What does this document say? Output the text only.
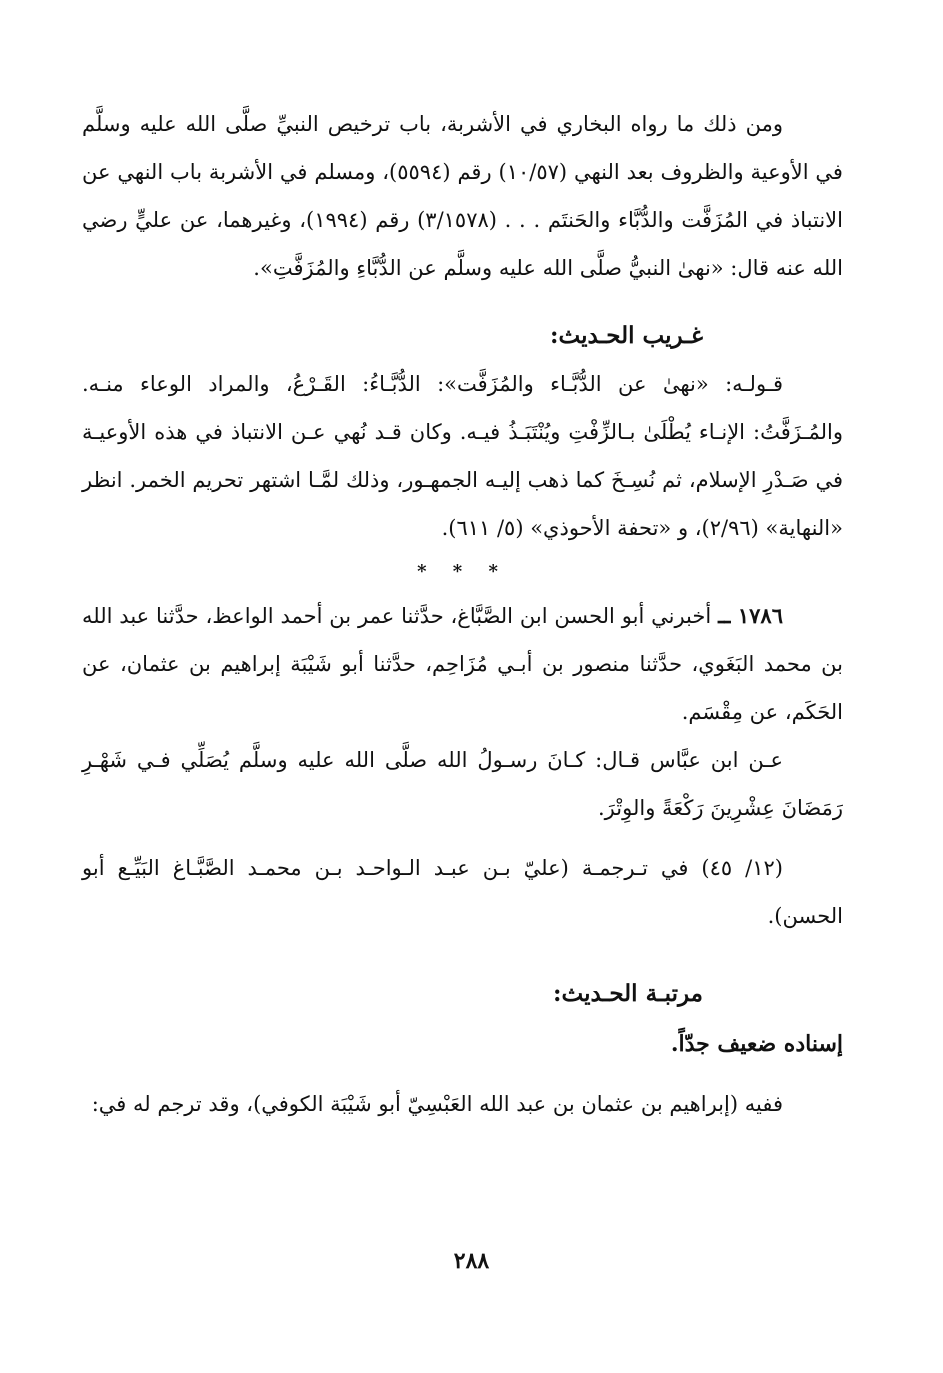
ومن ذلك ما رواه البخاري في الأشربة، باب ترخيص النبيِّ صلَّى الله عليه وسلَّم في الأوعية والظروف بعد النهي (١٠/٥٧) رقم (٥٥٩٤)، ومسلم في الأشربة باب النهي عن الانتباذ في المُزَفَّت والدُّبَّاء والحَنتَم . . . (٣/١٥٧٨) رقم (١٩٩٤)، وغيرهما، عن عليٍّ رضي الله عنه قال: «نهىٰ النبيُّ صلَّى الله عليه وسلَّم عن الدُّبَّاءِ والمُزَفَّتِ».

غـريب الحـديث:

قـولـه: «نهىٰ عن الدُّبَّـاء والمُزَفَّت»: الدُّبَّـاءُ: القَـرْعُ، والمراد الوعاء منـه. والمُـزَفَّتُ: الإنـاء يُطْلَىٰ بـالزِّفْتِ ويُنْتَبَـذُ فيـه. وكان قـد نُهي عـن الانتباذ في هذه الأوعيـة في صَـدْرِ الإسلام، ثم نُسِـخَ كما ذهب إليـه الجمهـور، وذلك لمَّـا اشتهر تحريم الخمر. انظر «النهاية» (٢/٩٦)، و «تحفة الأحوذي» (٥/ ٦١١).

* * *

١٧٨٦ ــ أخبرني أبو الحسن ابن الصَّبَّاغ، حدَّثنا عمر بن أحمد الواعظ، حدَّثنا عبد الله بن محمد البَغَوي، حدَّثنا منصور بن أبـي مُزَاحِم، حدَّثنا أبو شَيْبَة إبراهيم بن عثمان، عن الحَكَم، عن مِقْسَم.

عـن ابن عبَّاس قـال: كـانَ رسـولُ الله صلَّى الله عليه وسلَّم يُصَلِّي فـي شَهْـرِ رَمَضَانَ عِشْرِينَ رَكْعَةً والوِتْرَ.

(١٢/ ٤٥) في تـرجمـة (عليّ بـن عبـد الـواحـد بـن محمـد الصَّبَّـاغ البَيِّـع أبو الحسن).

مرتبـة الحـديث:

إسناده ضعيف جدّاً.

ففيه (إبراهيم بن عثمان بن عبد الله العَبْسِيّ أبو شَيْبَة الكوفي)، وقد ترجم له في:

٢٨٨
